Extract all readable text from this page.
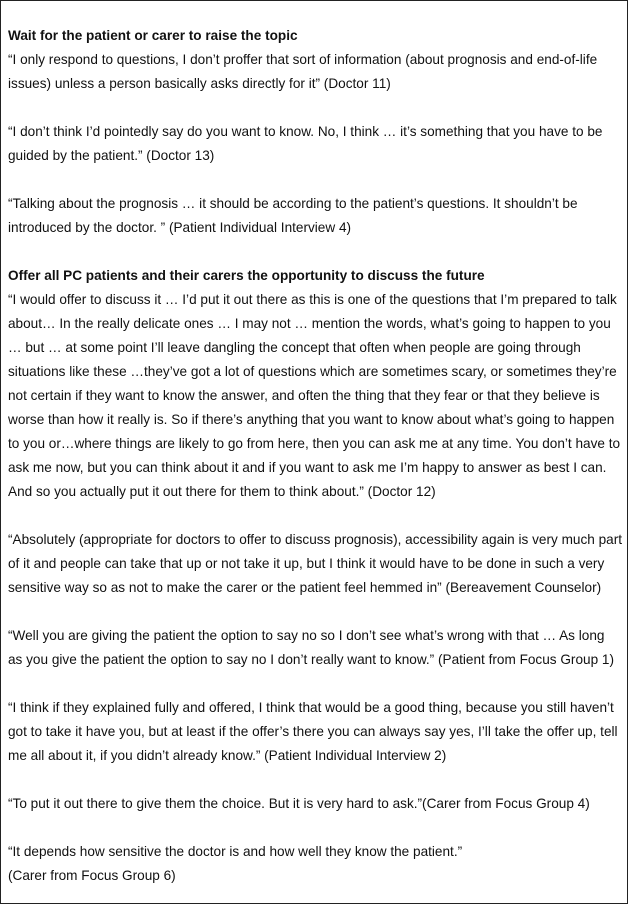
Wait for the patient or carer to raise the topic

“I only respond to questions, I don’t proffer that sort of information (about prognosis and end-of-life issues) unless a person basically asks directly for it” (Doctor 11)

“I don’t think I’d pointedly say do you want to know. No, I think … it’s something that you have to be guided by the patient.” (Doctor 13)

“Talking about the prognosis … it should be according to the patient’s questions. It shouldn’t be introduced by the doctor. ” (Patient Individual Interview 4)

Offer all PC patients and their carers the opportunity to discuss the future

“I would offer to discuss it … I’d put it out there as this is one of the questions that I’m prepared to talk about… In the really delicate ones … I may not … mention the words, what’s going to happen to you … but … at some point I’ll leave dangling the concept that often when people are going through situations like these …they’ve got a lot of questions which are sometimes scary, or sometimes they’re not certain if they want to know the answer, and often the thing that they fear or that they believe is worse than how it really is. So if there’s anything that you want to know about what’s going to happen to you or…where things are likely to go from here, then you can ask me at any time. You don’t have to ask me now, but you can think about it and if you want to ask me I’m happy to answer as best I can. And so you actually put it out there for them to think about.” (Doctor 12)

“Absolutely (appropriate for doctors to offer to discuss prognosis), accessibility again is very much part of it and people can take that up or not take it up, but I think it would have to be done in such a very sensitive way so as not to make the carer or the patient feel hemmed in” (Bereavement Counselor)

“Well you are giving the patient the option to say no so I don’t see what’s wrong with that … As long as you give the patient the option to say no I don’t really want to know.” (Patient from Focus Group 1)

“I think if they explained fully and offered, I think that would be a good thing, because you still haven’t got to take it have you, but at least if the offer’s there you can always say yes, I’ll take the offer up, tell me all about it, if you didn’t already know.” (Patient Individual Interview 2)

“To put it out there to give them the choice. But it is very hard to ask.”(Carer from Focus Group 4)

“It depends how sensitive the doctor is and how well they know the patient.”

(Carer from Focus Group 6)
